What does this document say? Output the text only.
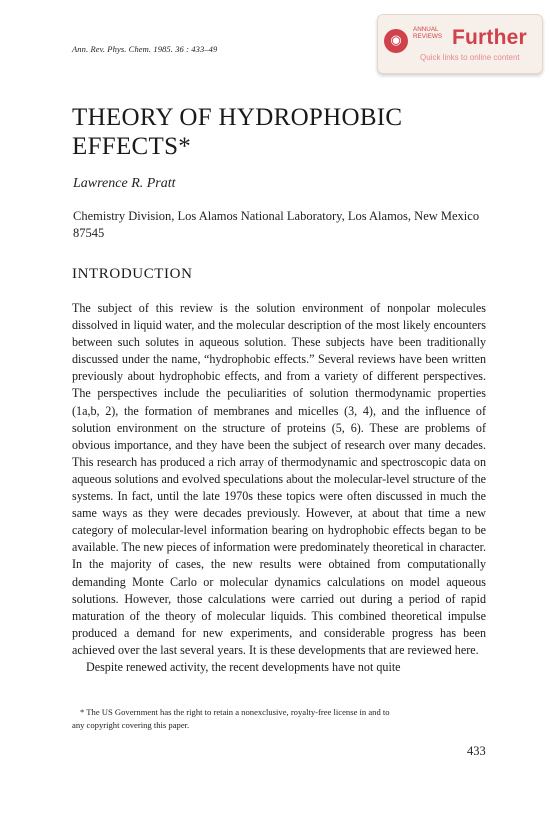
Ann. Rev. Phys. Chem. 1985. 36 : 433–49
◉
ANNUAL
REVIEWS Further
Quick links to online content
THEORY OF HYDROPHOBIC EFFECTS*
Lawrence R. Pratt
Chemistry Division, Los Alamos National Laboratory, Los Alamos, New Mexico 87545
INTRODUCTION

The subject of this review is the solution environment of nonpolar molecules dissolved in liquid water, and the molecular description of the most likely encounters between such solutes in aqueous solution. These subjects have been traditionally discussed under the name, “hydrophobic effects.” Several reviews have been written previously about hydrophobic effects, and from a variety of different perspectives. The perspectives include the peculiarities of solution thermodynamic properties (1a,b, 2), the formation of membranes and micelles (3, 4), and the influence of solution environment on the structure of proteins (5, 6). These are problems of obvious importance, and they have been the subject of research over many decades. This research has produced a rich array of thermodynamic and spectroscopic data on aqueous solutions and evolved speculations about the molecular-level structure of the systems. In fact, until the late 1970s these topics were often discussed in much the same ways as they were decades previously. However, at about that time a new category of molecular-level information bearing on hydrophobic effects began to be available. The new pieces of information were predominately theoretical in character. In the majority of cases, the new results were obtained from computationally demanding Monte Carlo or molecular dynamics calculations on model aqueous solutions. However, those calculations were carried out during a period of rapid maturation of the theory of molecular liquids. This combined theoretical impulse produced a demand for new experiments, and considerable progress has been achieved over the last several years. It is these developments that are reviewed here.

Despite renewed activity, the recent developments have not quite

* The US Government has the right to retain a nonexclusive, royalty-free license in and to
any copyright covering this paper.
433
